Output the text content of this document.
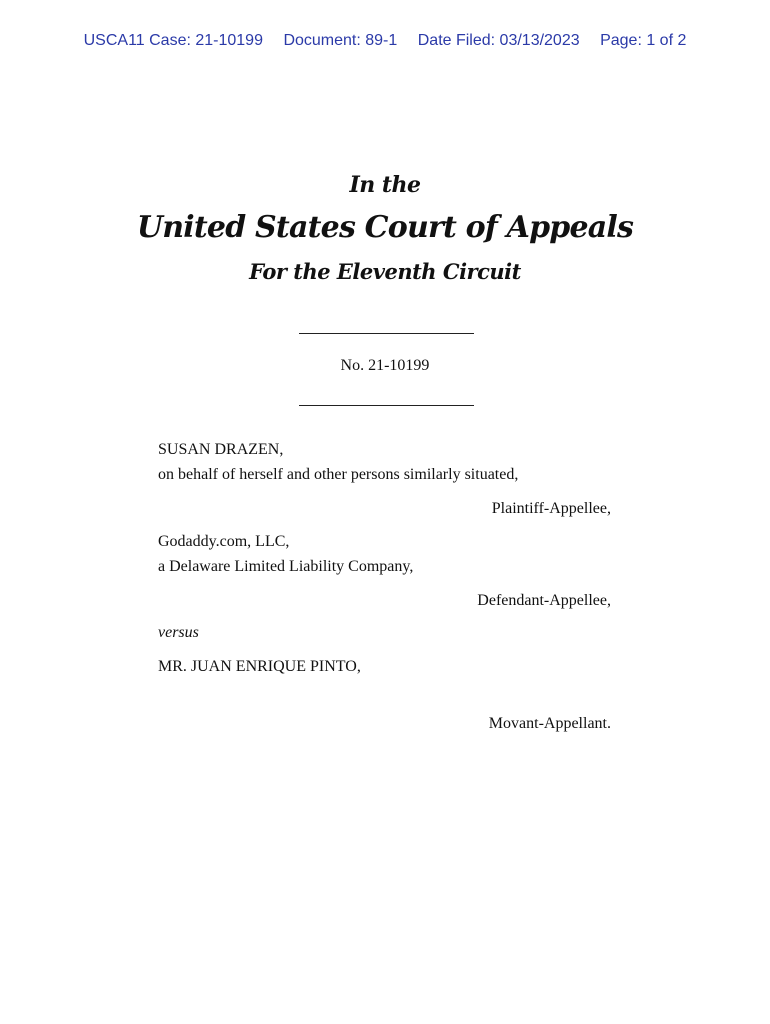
USCA11 Case: 21-10199 Document: 89-1 Date Filed: 03/13/2023 Page: 1 of 2
In the
United States Court of Appeals
For the Eleventh Circuit
No. 21-10199
SUSAN DRAZEN,
on behalf of herself and other persons similarly situated,
Plaintiff-Appellee,
Godaddy.com, LLC,
a Delaware Limited Liability Company,
Defendant-Appellee,
versus
MR. JUAN ENRIQUE PINTO,
Movant-Appellant.
